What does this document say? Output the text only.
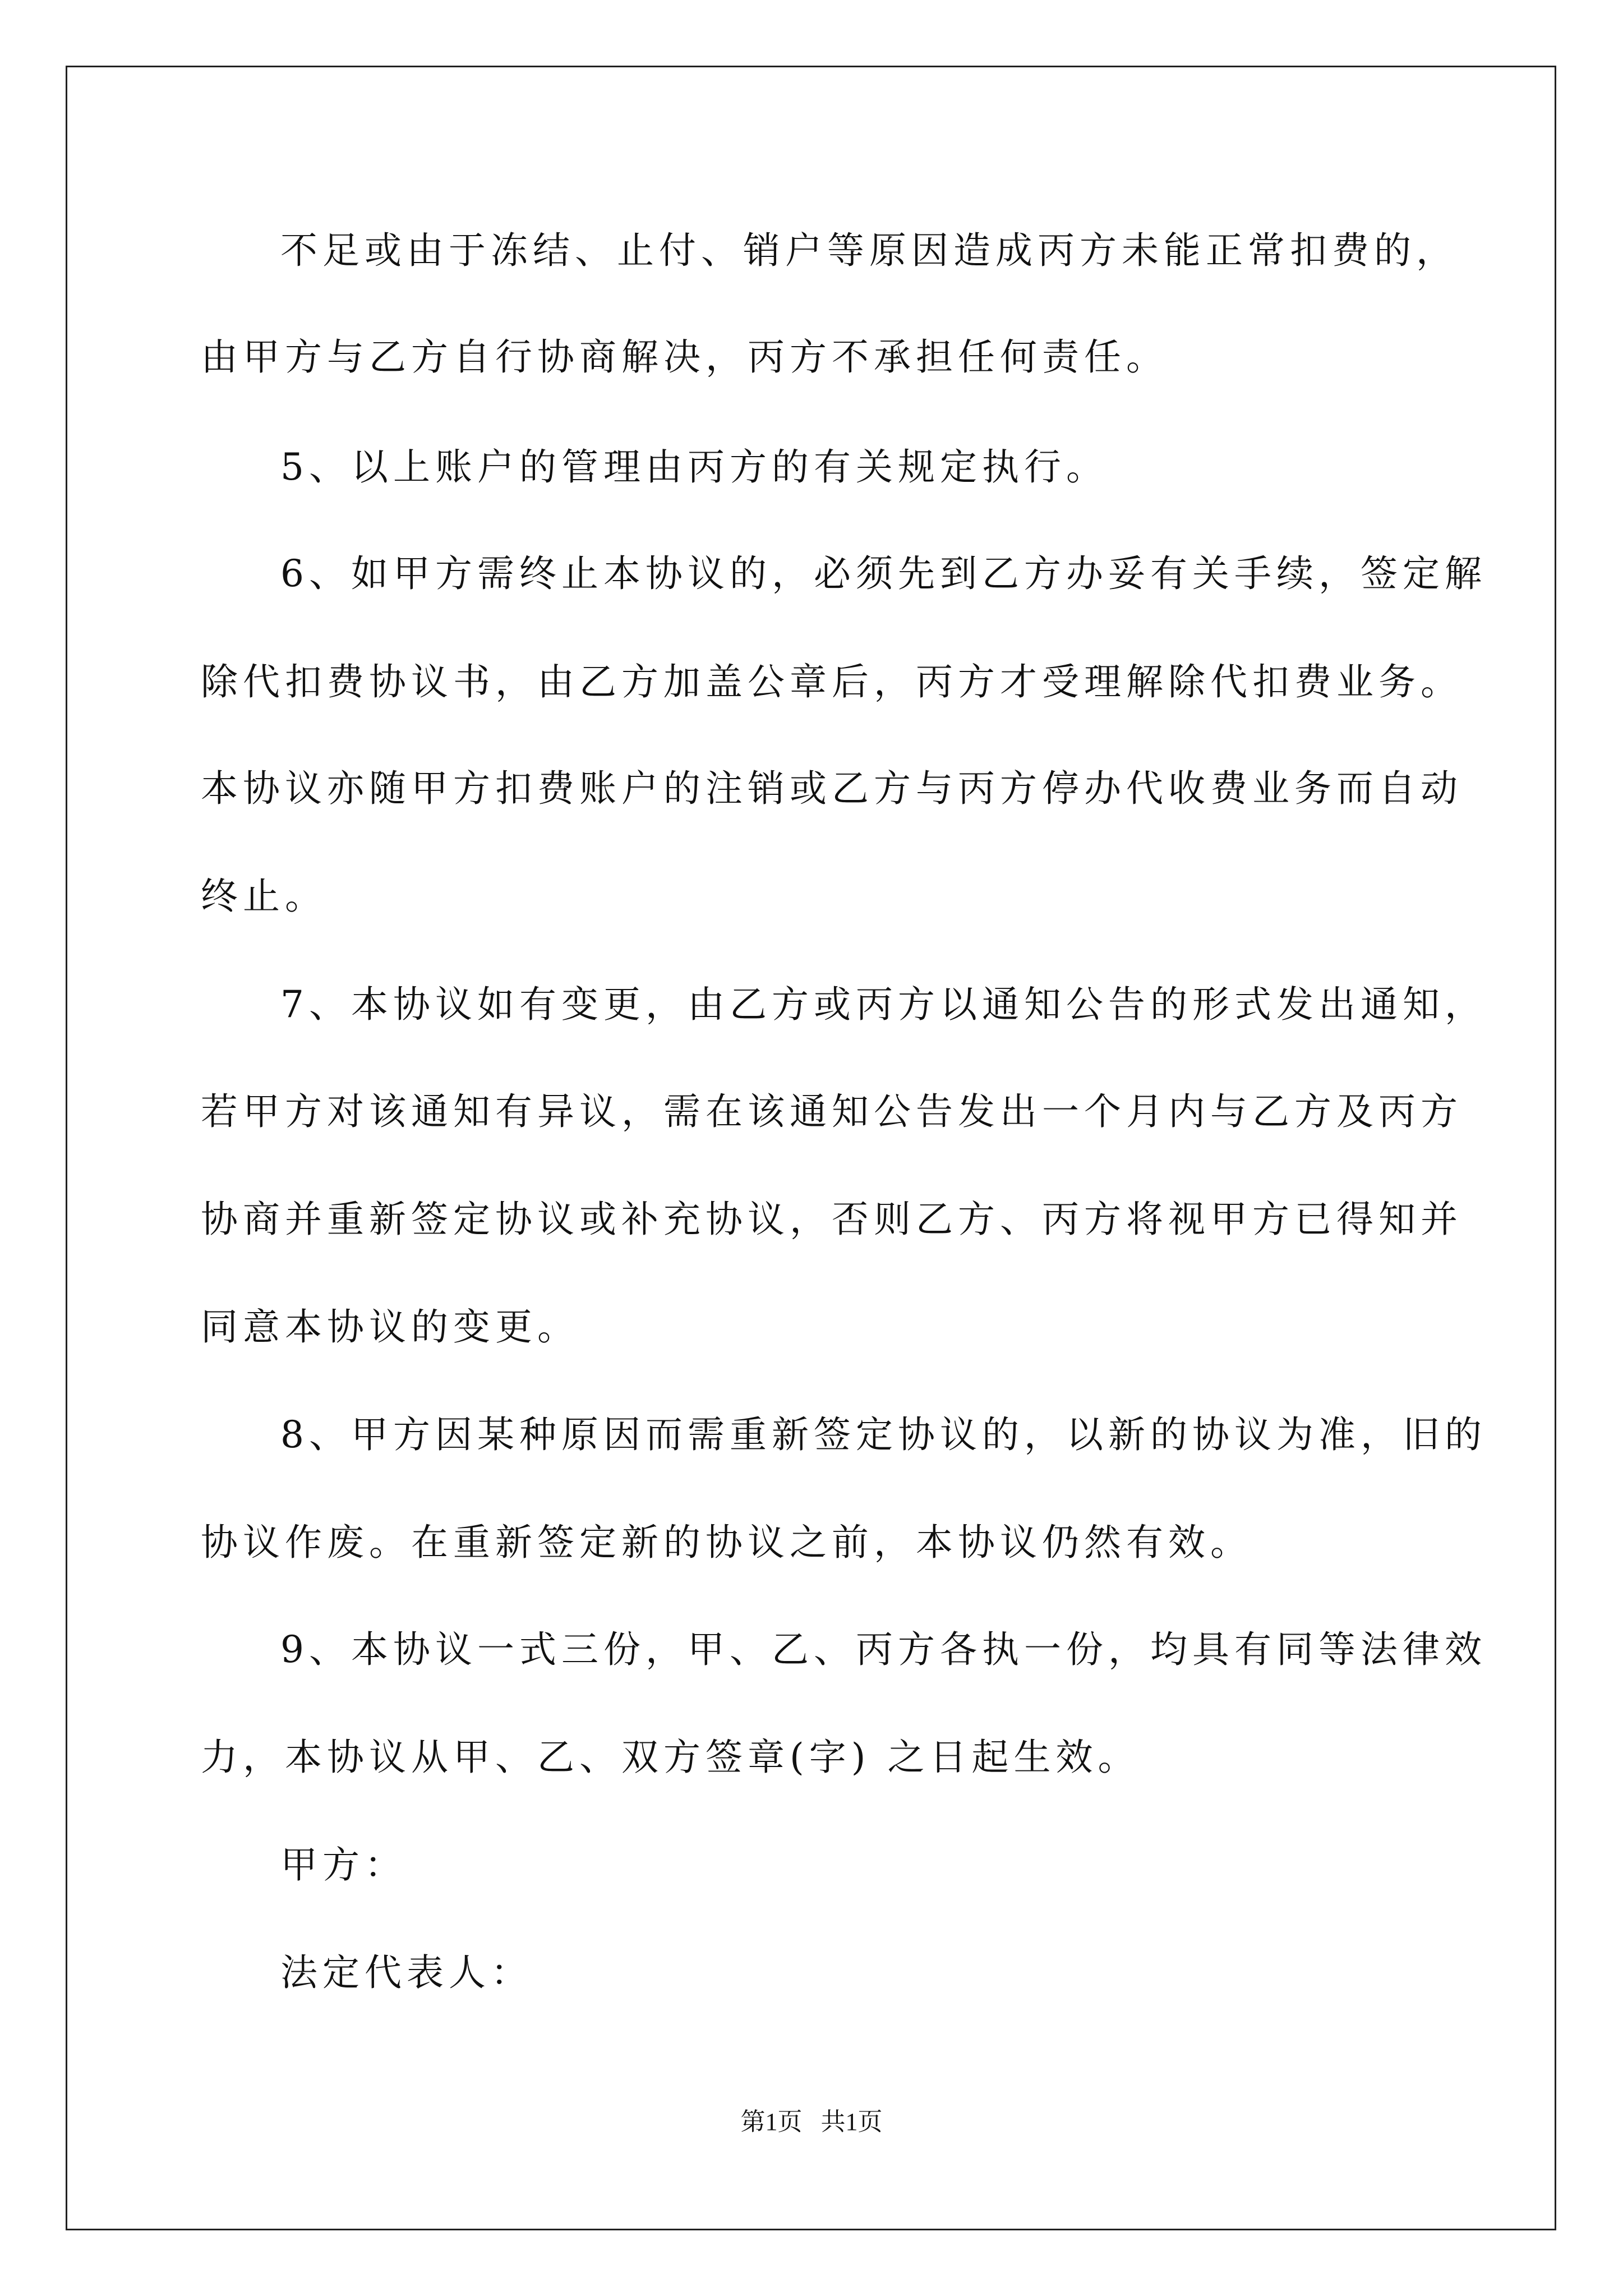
不足或由于冻结、止付、销户等原因造成丙方未能正常扣费的，
由甲方与乙方自行协商解决，丙方不承担任何责任。
5、以上账户的管理由丙方的有关规定执行。
6、如甲方需终止本协议的，必须先到乙方办妥有关手续，签定解
除代扣费协议书，由乙方加盖公章后，丙方才受理解除代扣费业务。
本协议亦随甲方扣费账户的注销或乙方与丙方停办代收费业务而自动
终止。
7、本协议如有变更，由乙方或丙方以通知公告的形式发出通知，
若甲方对该通知有异议，需在该通知公告发出一个月内与乙方及丙方
协商并重新签定协议或补充协议，否则乙方、丙方将视甲方已得知并
同意本协议的变更。
8、甲方因某种原因而需重新签定协议的，以新的协议为准，旧的
协议作废。在重新签定新的协议之前，本协议仍然有效。
9、本协议一式三份，甲、乙、丙方各执一份，均具有同等法律效
力，本协议从甲、乙、双方签章(字) 之日起生效。
甲方：
法定代表人：
第1页   共1页
